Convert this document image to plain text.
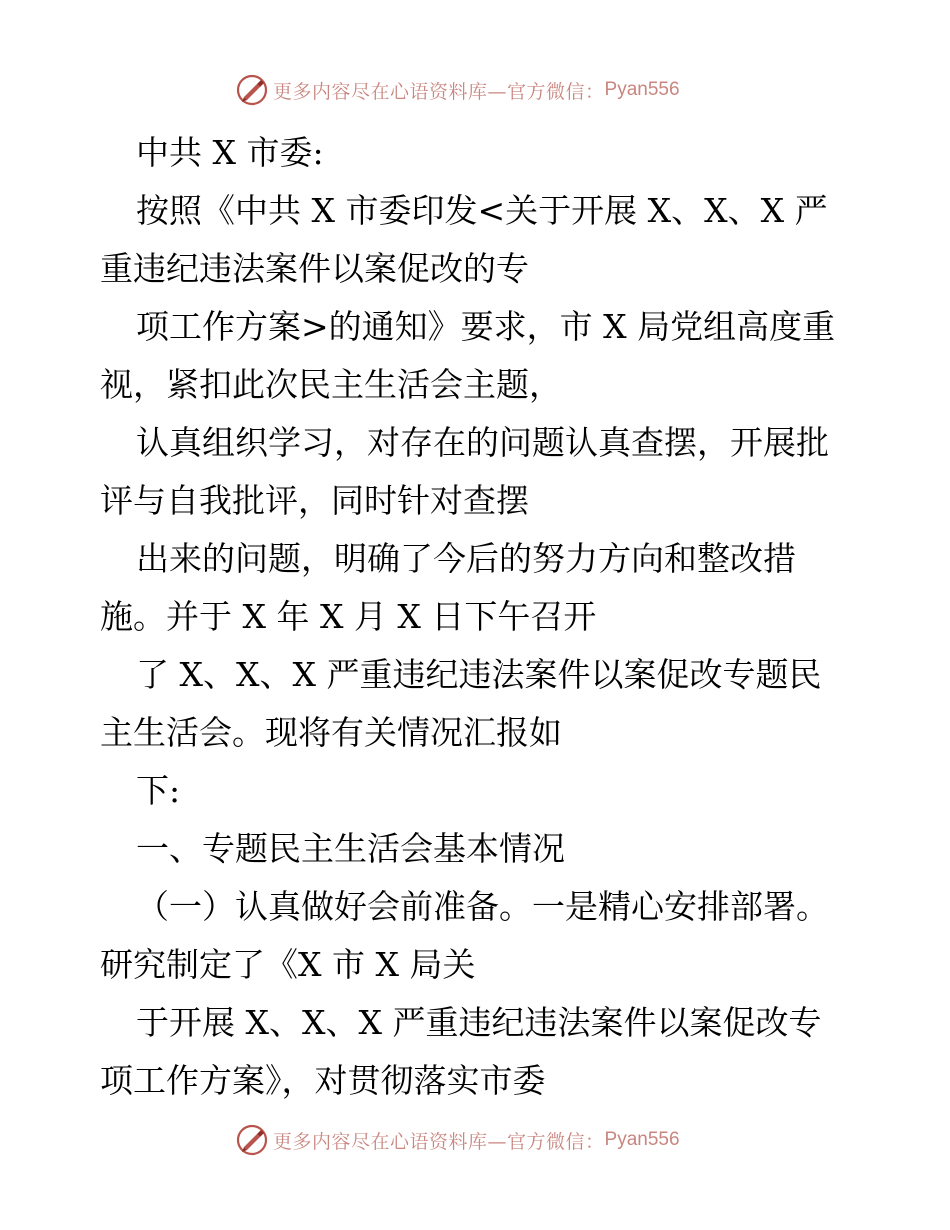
更多内容尽在心语资料库—官方微信： Pyan556

中共 X 市委:

按照《中共 X 市委印发<关于开展 X、X、X 严

重违纪违法案件以案促改的专

项工作方案>的通知》要求，市 X 局党组高度重

视，紧扣此次民主生活会主题，

认真组织学习，对存在的问题认真查摆，开展批

评与自我批评，同时针对查摆

出来的问题，明确了今后的努力方向和整改措

施。并于 X 年 X 月 X 日下午召开

了 X、X、X 严重违纪违法案件以案促改专题民

主生活会。现将有关情况汇报如

下:

一、专题民主生活会基本情况

（一）认真做好会前准备。一是精心安排部署。

研究制定了《X 市 X 局关

于开展 X、X、X 严重违纪违法案件以案促改专

项工作方案》，对贯彻落实市委

更多内容尽在心语资料库—官方微信： Pyan556
